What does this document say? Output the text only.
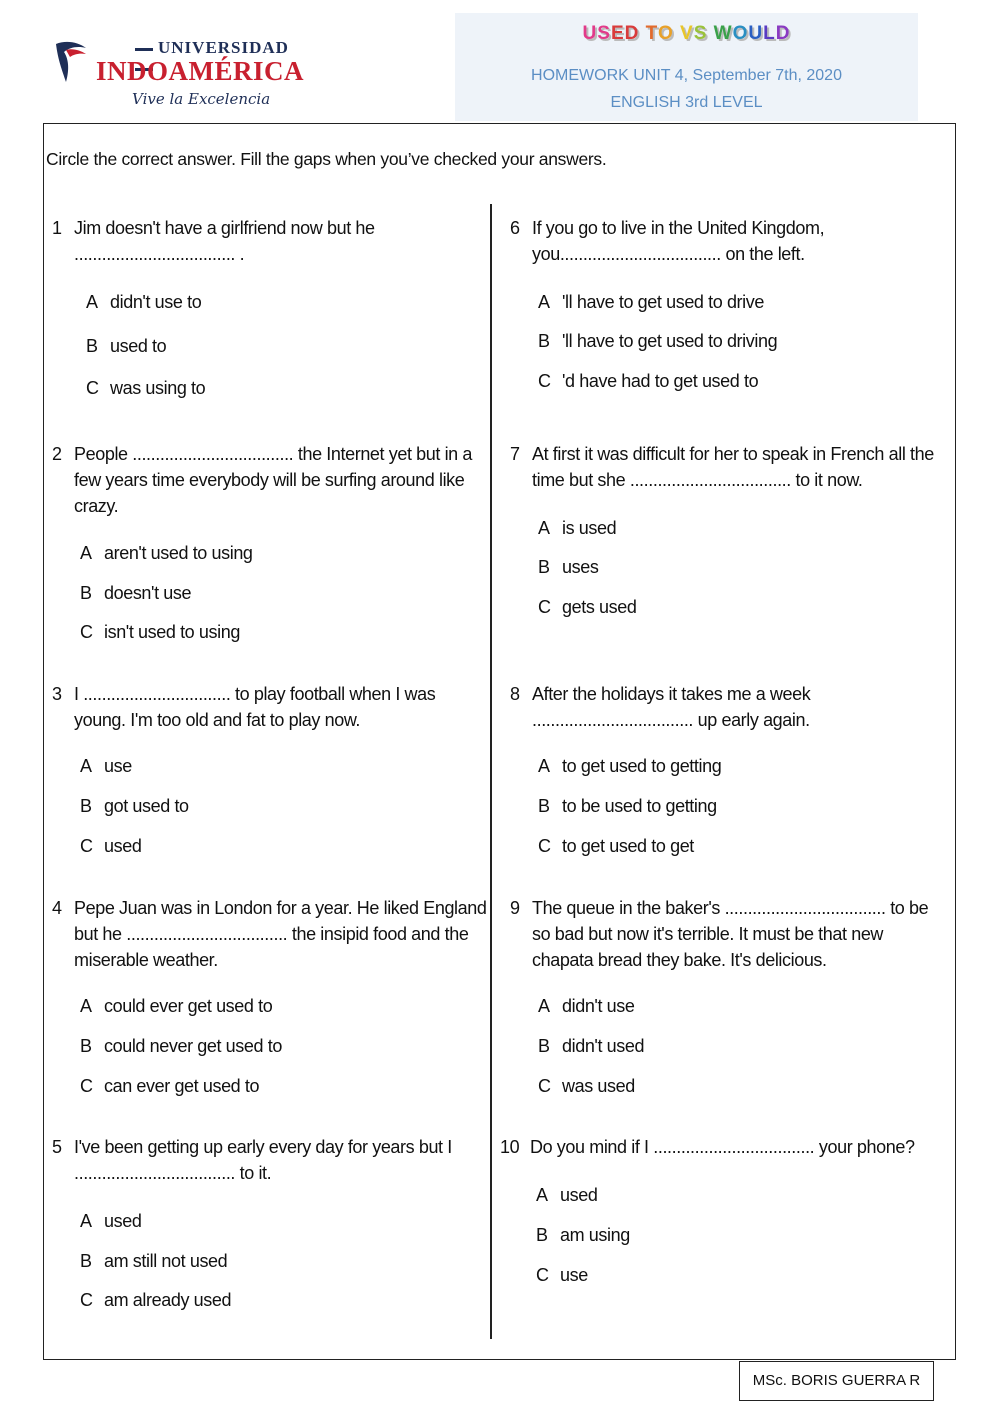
UNIVERSIDAD
INDOAMÉRICA
Vive la Excelencia
USED TO VS WOULD
HOMEWORK UNIT 4, September 7th, 2020
ENGLISH 3rd LEVEL
Circle the correct answer. Fill the gaps when you’ve checked your answers.
1 Jim doesn't have a girlfriend now but he
................................... .
A didn't use to
B used to
C was using to
2 People ................................... the Internet yet but in a
few years time everybody will be surfing around like
crazy.
A aren't used to using
B doesn't use
C isn't used to using
3 I ................................ to play football when I was
young. I'm too old and fat to play now.
A use
B got used to
C used
4 Pepe Juan was in London for a year. He liked England
but he ................................... the insipid food and the
miserable weather.
A could ever get used to
B could never get used to
C can ever get used to
5 I've been getting up early every day for years but I
................................... to it.
A used
B am still not used
C am already used
6 If you go to live in the United Kingdom,
you................................... on the left.
A 'll have to get used to drive
B 'll have to get used to driving
C 'd have had to get used to
7 At first it was difficult for her to speak in French all the
time but she ................................... to it now.
A is used
B uses
C gets used
8 After the holidays it takes me a week
................................... up early again.
A to get used to getting
B to be used to getting
C to get used to get
9 The queue in the baker's ................................... to be
so bad but now it's terrible. It must be that new
chapata bread they bake. It's delicious.
A didn't use
B didn't used
C was used
10 Do you mind if I ................................... your phone?
A used
B am using
C use
MSc. BORIS GUERRA R
